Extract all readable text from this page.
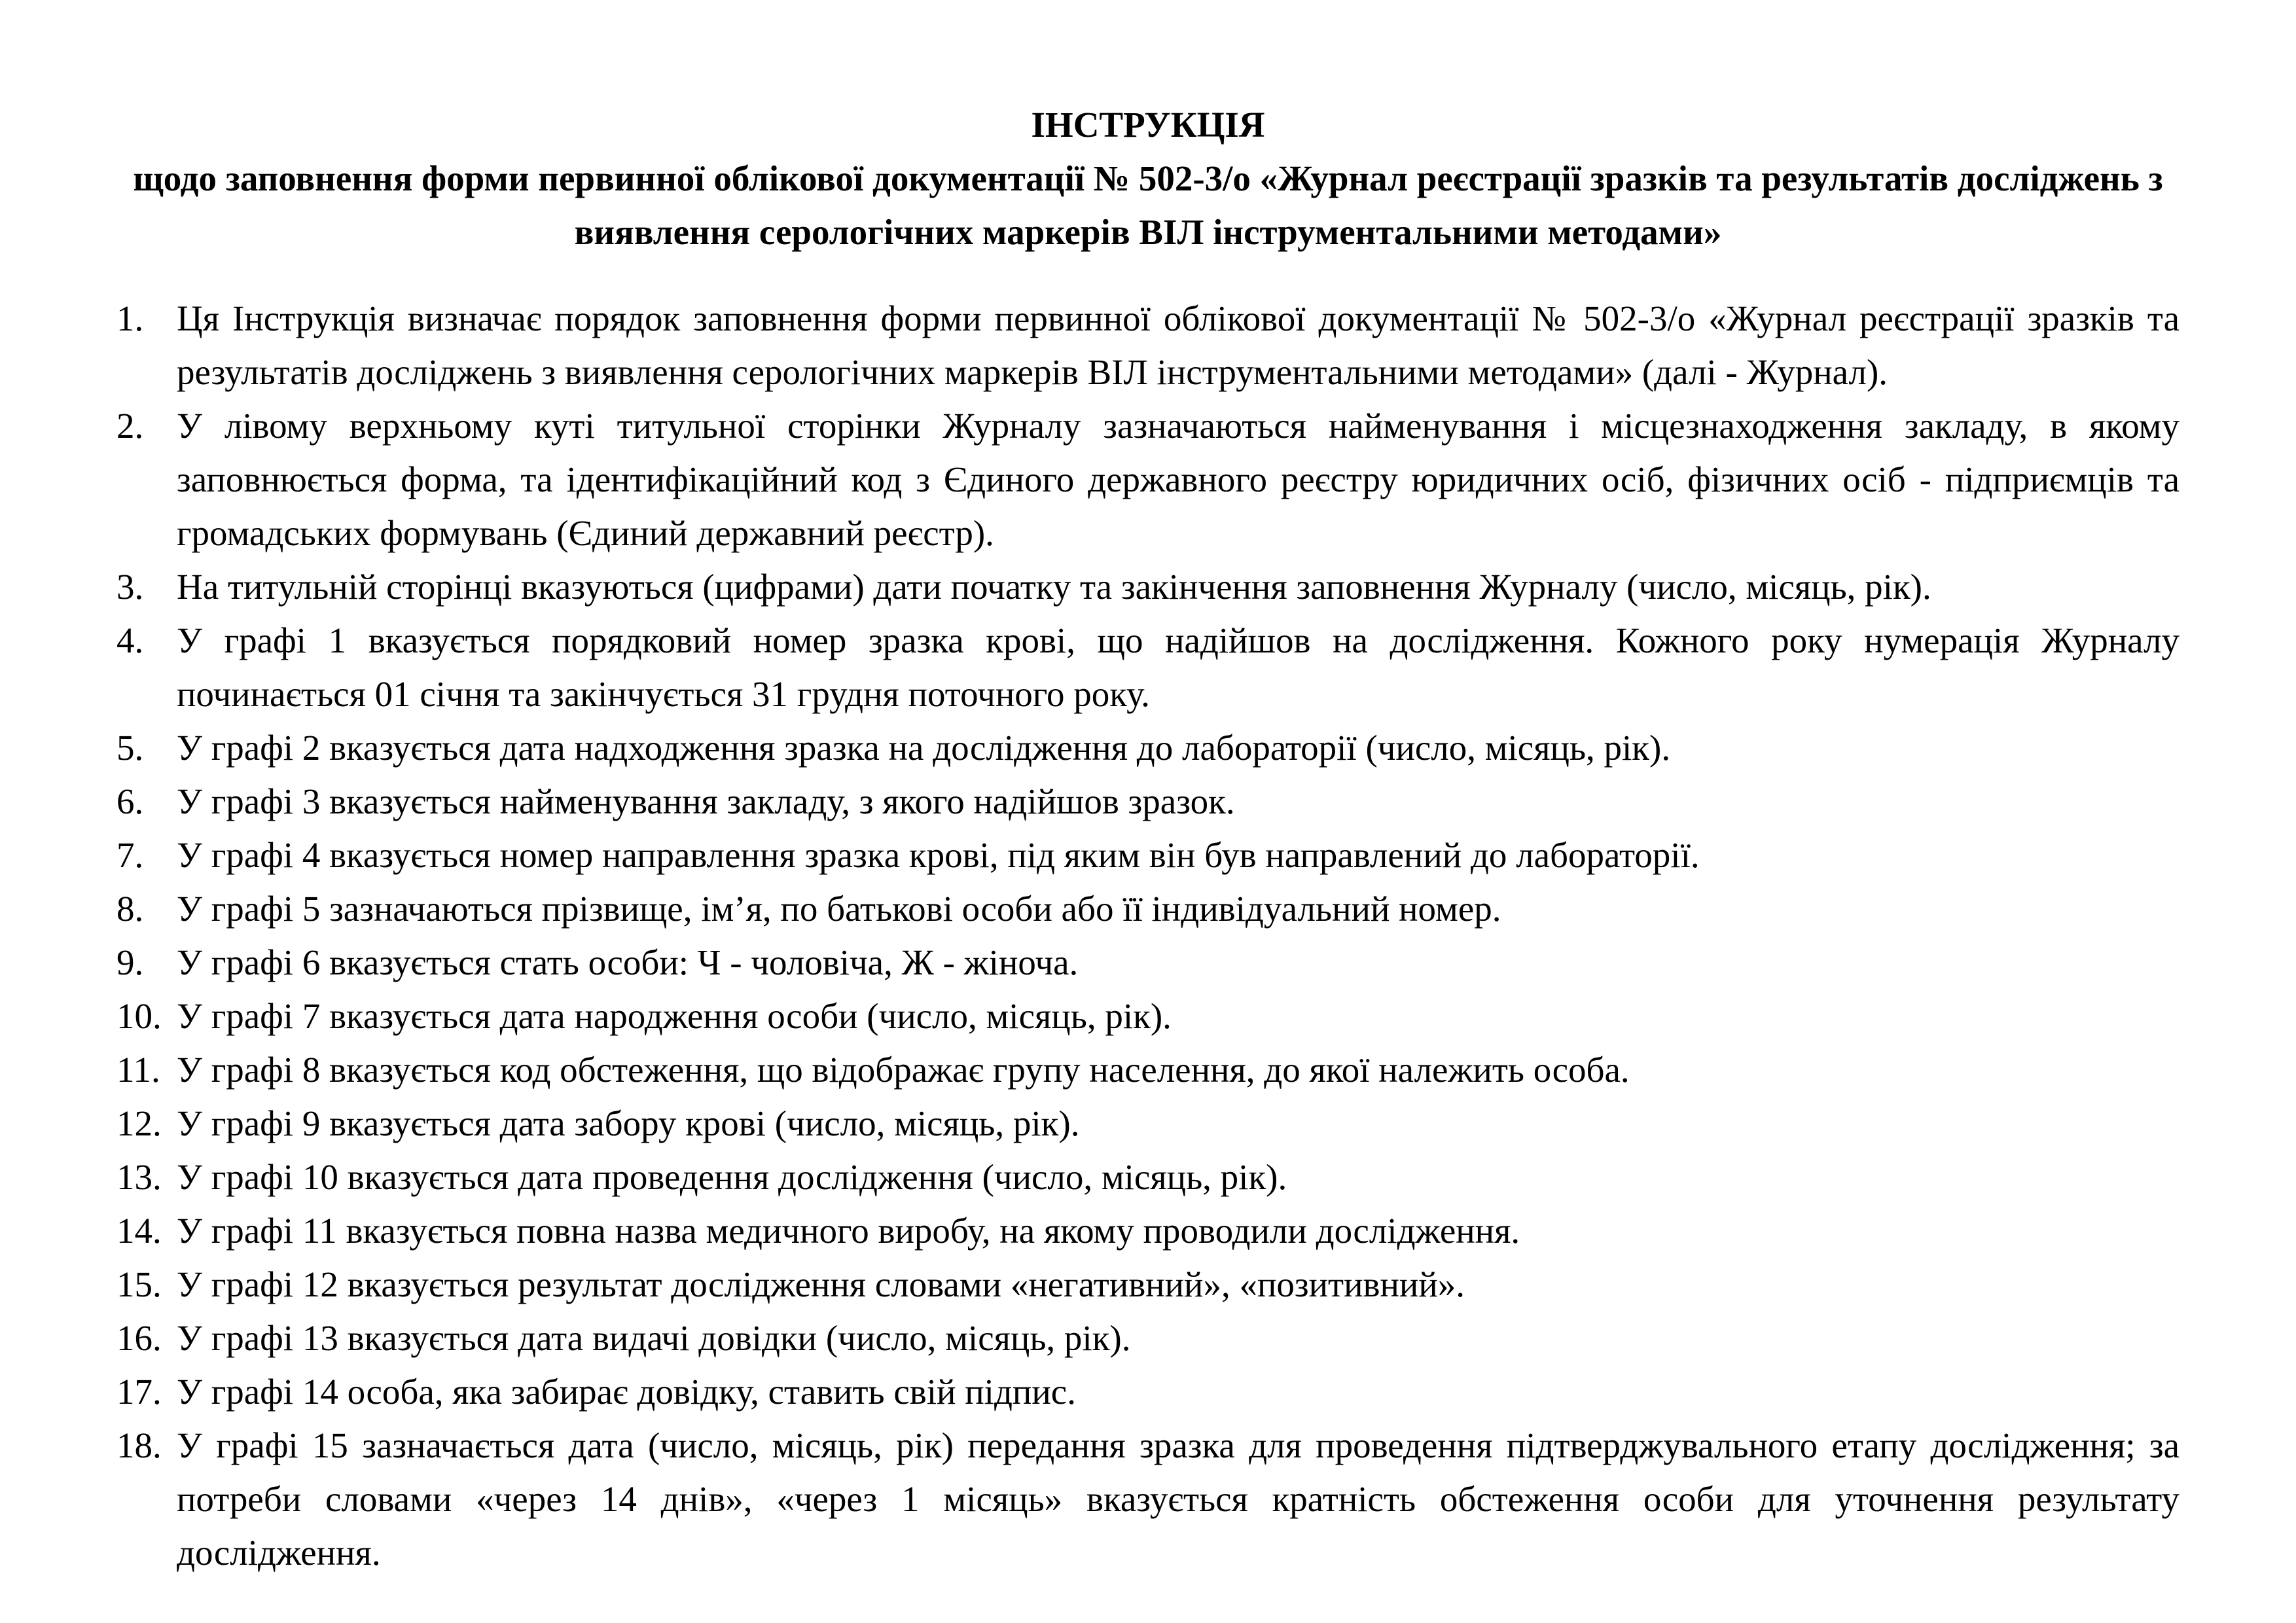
ІНСТРУКЦІЯ
щодо заповнення форми первинної облікової документації № 502-3/о «Журнал реєстрації зразків та результатів досліджень з виявлення серологічних маркерів ВІЛ інструментальними методами»
1. Ця Інструкція визначає порядок заповнення форми первинної облікової документації № 502-3/о «Журнал реєстрації зразків та результатів досліджень з виявлення серологічних маркерів ВІЛ інструментальними методами» (далі - Журнал).
2. У лівому верхньому куті титульної сторінки Журналу зазначаються найменування і місцезнаходження закладу, в якому заповнюється форма, та ідентифікаційний код з Єдиного державного реєстру юридичних осіб, фізичних осіб - підприємців та громадських формувань (Єдиний державний реєстр).
3. На титульній сторінці вказуються (цифрами) дати початку та закінчення заповнення Журналу (число, місяць, рік).
4. У графі 1 вказується порядковий номер зразка крові, що надійшов на дослідження. Кожного року нумерація Журналу починається 01 січня та закінчується 31 грудня поточного року.
5. У графі 2 вказується дата надходження зразка на дослідження до лабораторії (число, місяць, рік).
6. У графі 3 вказується найменування закладу, з якого надійшов зразок.
7. У графі 4 вказується номер направлення зразка крові, під яким він був направлений до лабораторії.
8. У графі 5 зазначаються прізвище, ім’я, по батькові особи або її індивідуальний номер.
9. У графі 6 вказується стать особи: Ч - чоловіча, Ж - жіноча.
10. У графі 7 вказується дата народження особи (число, місяць, рік).
11. У графі 8 вказується код обстеження, що відображає групу населення, до якої належить особа.
12. У графі 9 вказується дата забору крові (число, місяць, рік).
13. У графі 10 вказується дата проведення дослідження (число, місяць, рік).
14. У графі 11 вказується повна назва медичного виробу, на якому проводили дослідження.
15. У графі 12 вказується результат дослідження словами «негативний», «позитивний».
16. У графі 13 вказується дата видачі довідки (число, місяць, рік).
17. У графі 14 особа, яка забирає довідку, ставить свій підпис.
18. У графі 15 зазначається дата (число, місяць, рік) передання зразка для проведення підтверджувального етапу дослідження; за потреби словами «через 14 днів», «через 1 місяць» вказується кратність обстеження особи для уточнення результату дослідження.
